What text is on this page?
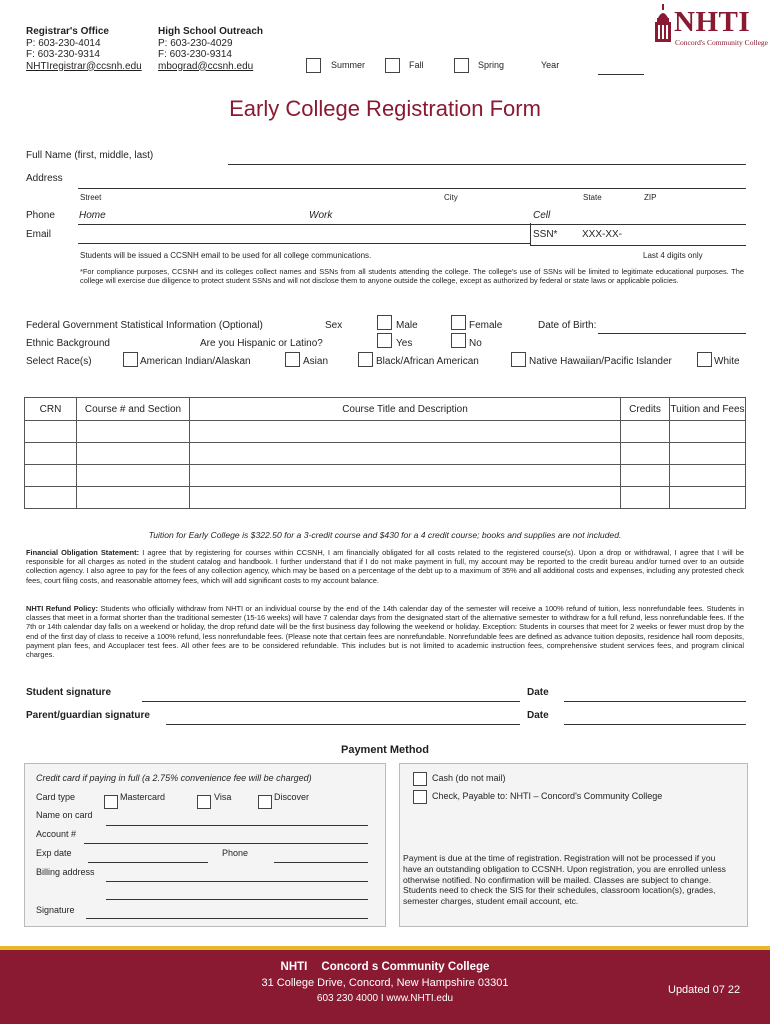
Registrar's Office
P: 603-230-4014
F: 603-230-9314
NHTIregistrar@ccsnh.edu
High School Outreach
P: 603-230-4029
F: 603-230-9314
mbograd@ccsnh.edu	Summer	Fall	Spring	Year
NHTI
Concord's Community College
Early College Registration Form
Full Name (first, middle, last)
Address
Street	City	State	ZIP
Phone Home	Work	Cell
Email	SSN* XXX-XX-
Students will be issued a CCSNH email to be used for all college communications.	Last 4 digits only
*For compliance purposes, CCSNH and its colleges collect names and SSNs from all students attending the college. The college's use of SSNs will be limited to legitimate educational purposes. The college will exercise due diligence to protect student SSNs and will not disclose them to anyone outside the college, except as authorized by federal or state laws or applicable policies.
Federal Government Statistical Information (Optional)	Sex	Male	Female	Date of Birth:
Ethnic Background	Are you Hispanic or Latino?	Yes	No
Select Race(s)	American Indian/Alaskan	Asian	Black/African American	Native Hawaiian/Pacific Islander	White
CRN	Course # and Section	Course Title and Description	Credits	Tuition and Fees

Tuition for Early College is $322.50 for a 3-credit course and $430 for a 4 credit course; books and supplies are not included.
Financial Obligation Statement: I agree that by registering for courses within CCSNH, I am financially obligated for all costs related to the registered course(s). Upon a drop or withdrawal, I agree that I will be responsible for all charges as noted in the student catalog and handbook. I further understand that if I do not make payment in full, my account may be reported to the credit bureau and/or turned over to an outside collection agency. I also agree to pay for the fees of any collection agency, which may be based on a percentage of the debt up to a maximum of 35% and all additional costs and expenses, including any protested check fees, court filing costs, and reasonable attorney fees, which will add significant costs to my account balance.
NHTI Refund Policy: Students who officially withdraw from NHTI or an individual course by the end of the 14th calendar day of the semester will receive a 100% refund of tuition, less nonrefundable fees. Students in classes that meet in a format shorter than the traditional semester (15-16 weeks) will have 7 calendar days from the designated start of the alternative semester to withdraw for a full refund, less nonrefundable fees. If the 7th or 14th calendar day falls on a weekend or holiday, the drop refund date will be the first business day following the weekend or holiday. Exception: Students in courses that meet for 2 weeks or fewer must drop by the end of the first day of class to receive a 100% refund, less nonrefundable fees. (Please note that certain fees are nonrefundable. Nonrefundable fees are defined as advance tuition deposits, residence hall room deposits, payment plan fees, and Accuplacer test fees. All other fees are to be considered refundable. This includes but is not limited to academic instruction fees, comprehensive student services fees, and program clinical charges.
Student signature	Date
Parent/guardian signature	Date
Payment Method
Credit card if paying in full (a 2.75% convenience fee will be charged)
Card type	Mastercard	Visa	Discover
Name on card
Account #
Exp date	Phone
Billing address
Signature
Cash (do not mail)
Check, Payable to: NHTI – Concord's Community College
Payment is due at the time of registration. Registration will not be processed if you have an outstanding obligation to CCSNH. Upon registration, you are enrolled unless otherwise notified. No confirmation will be mailed. Classes are subject to change. Students need to check the SIS for their schedules, classroom location(s), grades, semester charges, student email account, etc.
NHTI Concord s Community College
31 College Drive, Concord, New Hampshire 03301
603 230 4000 I www.NHTI.edu
Updated 07 22
